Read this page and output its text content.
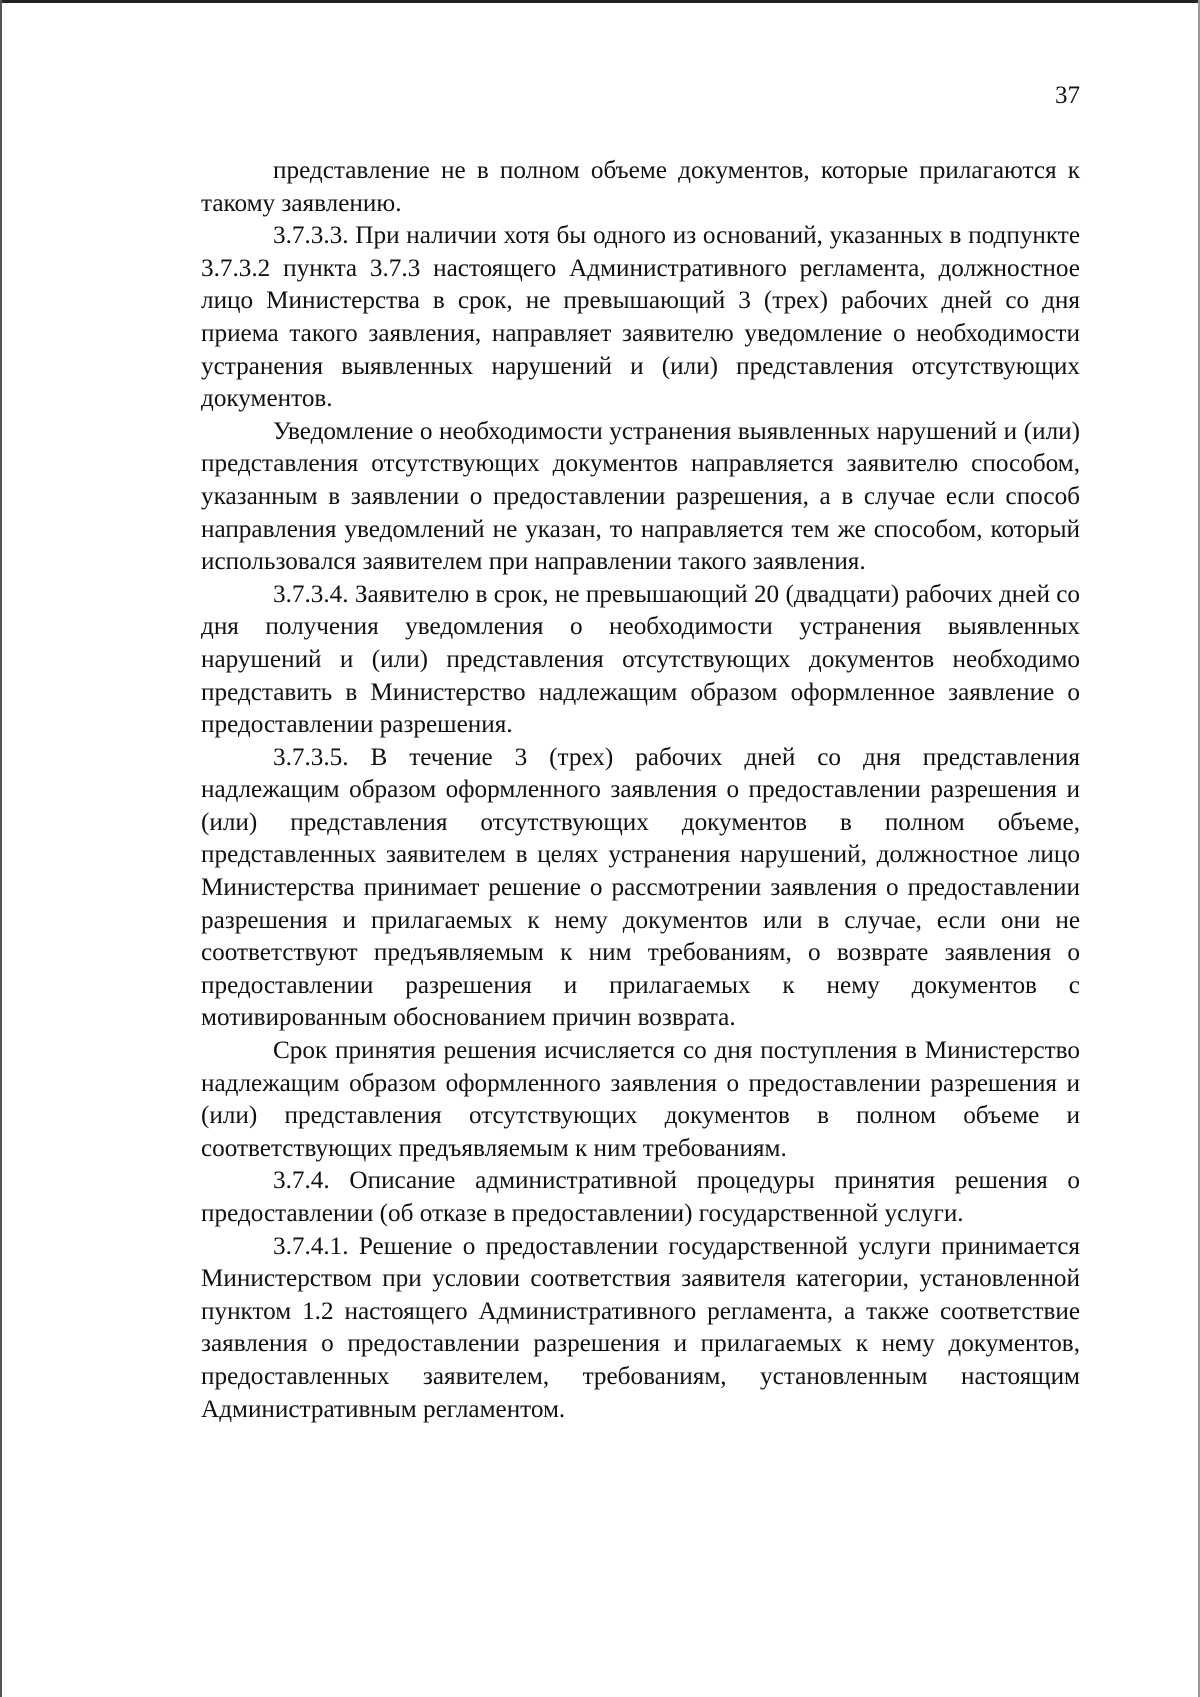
37

представление не в полном объеме документов, которые прилагаются к такому заявлению.

3.7.3.3. При наличии хотя бы одного из оснований, указанных в подпункте 3.7.3.2 пункта 3.7.3 настоящего Административного регламента, должностное лицо Министерства в срок, не превышающий 3 (трех) рабочих дней со дня приема такого заявления, направляет заявителю уведомление о необходимости устранения выявленных нарушений и (или) представления отсутствующих документов.

Уведомление о необходимости устранения выявленных нарушений и (или) представления отсутствующих документов направляется заявителю способом, указанным в заявлении о предоставлении разрешения, а в случае если способ направления уведомлений не указан, то направляется тем же способом, который использовался заявителем при направлении такого заявления.

3.7.3.4. Заявителю в срок, не превышающий 20 (двадцати) рабочих дней со дня получения уведомления о необходимости устранения выявленных нарушений и (или) представления отсутствующих документов необходимо представить в Министерство надлежащим образом оформленное заявление о предоставлении разрешения.

3.7.3.5. В течение 3 (трех) рабочих дней со дня представления надлежащим образом оформленного заявления о предоставлении разрешения и (или) представления отсутствующих документов в полном объеме, представленных заявителем в целях устранения нарушений, должностное лицо Министерства принимает решение о рассмотрении заявления о предоставлении разрешения и прилагаемых к нему документов или в случае, если они не соответствуют предъявляемым к ним требованиям, о возврате заявления о предоставлении разрешения и прилагаемых к нему документов с мотивированным обоснованием причин возврата.

Срок принятия решения исчисляется со дня поступления в Министерство надлежащим образом оформленного заявления о предоставлении разрешения и (или) представления отсутствующих документов в полном объеме и соответствующих предъявляемым к ним требованиям.

3.7.4. Описание административной процедуры принятия решения о предоставлении (об отказе в предоставлении) государственной услуги.

3.7.4.1. Решение о предоставлении государственной услуги принимается Министерством при условии соответствия заявителя категории, установленной пунктом 1.2 настоящего Административного регламента, а также соответствие заявления о предоставлении разрешения и прилагаемых к нему документов, предоставленных заявителем, требованиям, установленным настоящим Административным регламентом.
